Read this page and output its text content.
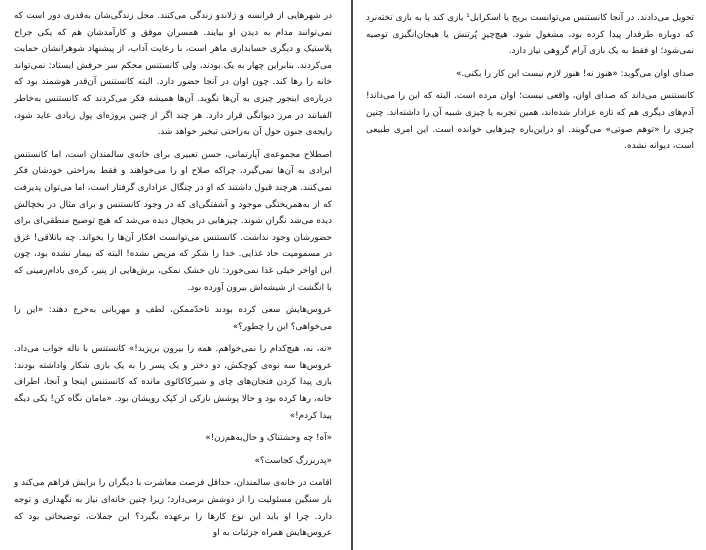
در شهرهایی از فرانسه و ژلاندو زندگی می‌کنند. محل زندگی‌شان به‌قدری دور است که نمی‌توانند مدام به دیدن او بیایند. همسران موفق و کارآمدشان هم که یکی جراح پلاستیک و دیگری حسابداری ماهر است، با رعایت آداب، از پیشنهاد شوهرانشان حمایت می‌کردند. بنابراین چهار به یک بودند، ولی کانستنس محکم سر حرفش ایستاد: نمی‌تواند خانه را رها کند. چون اوان در آنجا حضور دارد. البته کانستنس آن‌قدر هوشمند بود که درباره‌ی اینجور چیزی به آن‌ها نگوید. آن‌ها همیشه فکر می‌کردند که کانستنس به‌خاطر الفبانند در مرز دیوانگی قرار دارد. هر چند اگر از چنین پروژه‌ای پول زیادی عاید شود، رایحه‌ی جنون حول آن به‌راحتی تبخیر خواهد شد.

اصطلاح مجموعه‌ی آپارتمانی، حسن تعبیری برای خانه‌ی سالمندان است، اما کانستنس ایرادی به آن‌ها نمی‌گیرد، چراکه صلاح او را می‌خواهند و فقط به‌راحتی خودشان فکر نمی‌کنند. هرچند قبول داشتند که او در چنگال عزاداری گرفتار است، اما می‌توان پذیرفت که از به‌همریختگی موجود و آشفتگی‌ای که در وجود کانستنس و برای مثال در بخچالش دیده می‌شد نگران شوند. چیزهایی در یخچال دیده می‌شد که هیچ توضیح منطقی‌ای برای حضورشان وجود نداشت. کانستنس می‌توانست افکار آن‌ها را بخواند. چه باتلاقی! غرق در مسمومیت حاد غذایی. خدا را شکر که مریض نشده! البته که بیمار نشده بود، چون این اواخر خیلی غذا نمی‌خورد: نان خشک نمکی، برش‌هایی از پنیر، کره‌ی بادام‌زمینی که با انگشت از شیشه‌اش بیرون آورده بود.

عروس‌هایش سعی کرده بودند تا‌حدّممکن، لطف و مهربانی به‌خرج دهند: «این را می‌خواهی؟ این را چطور؟»

«نه، نه، هیچ‌کدام را نمی‌خواهم. همه را بیرون بریزید!» کانستنس با ناله جواب می‌داد. عروس‌ها سه نوه‌ی کوچکش، دو دختر و یک پسر را به یک بازی شکار واداشته بودند: بازی پیدا کردن فنجان‌های چای و شیرکاکائوی مانده که کانستنس اینجا و آنجا، اطراف خانه، رها کرده بود و حالا پوشش نازکی از کپک رویشان بود. «مامان نگاه کن! یکی دیگه پیدا کردم!»

«آه! چه وحشتناک و حال‌به‌هم‌زن!»

«پدربزرگ کجاست؟»

اقامت در خانه‌ی سالمندان، حداقل فرصت معاشرت با دیگران را برایش فراهم می‌کند و بار سنگین مسئولیت را از دوشش برمی‌دارد؛ زیرا چنین خانه‌ای نیاز به نگهداری و توجه دارد. چرا او باید این نوع کارها را برعهده بگیرد؟ این جملات، توضیحاتی بود که عروس‌هایش همراه جزئیات به او

تحویل می‌دادند. در آنجا کانستنس می‌توانست بریج یا اسکرابل¹ بازی کند یا به بازی تخته‌نرد که دوباره طرفدار پیدا کرده بود، مشغول شود. هیچ‌چیزِ پُرتنش یا هیجان‌انگیزی توصیه نمی‌شود؛ او فقط به یک بازی آرام گروهی نیاز دارد.

صدای اوان می‌گوید: «هنوز نه! هنوز لازم نیست این کار را بکنی.»

کانستنس می‌داند که صدای اوان، واقعی نیست؛ اوان مرده است. البته که این را می‌داند! آدم‌های دیگری هم که تازه عزادار شده‌اند، همین تجربه یا چیزی شبیه آن را داشته‌اند. چنین چیزی را «توهم صوتی» می‌گویند. او دراین‌باره چیزهایی خوانده است. این امری طبیعی است، دیوانه نشده.
